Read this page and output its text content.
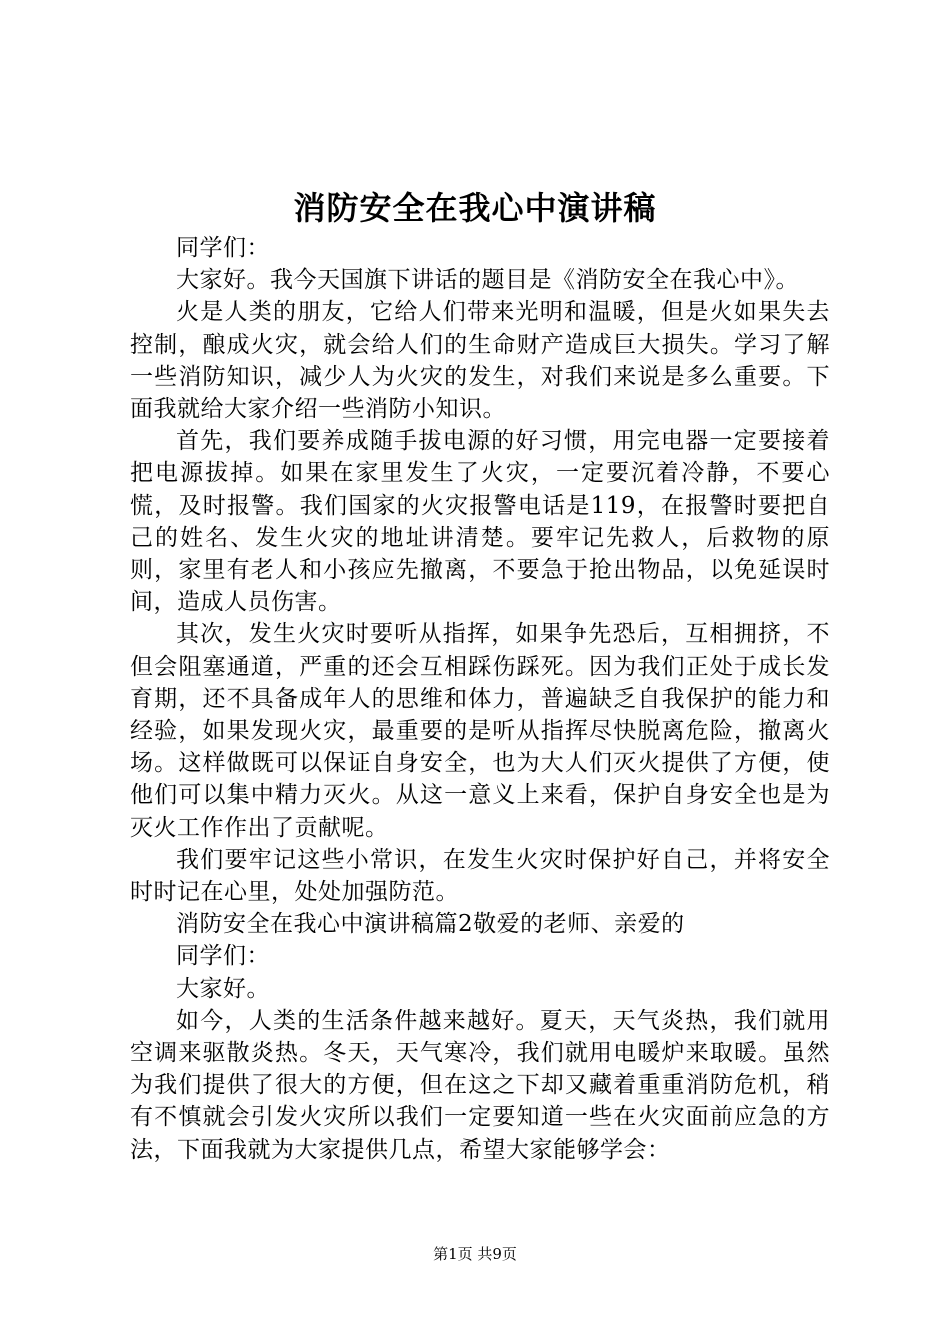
消防安全在我心中演讲稿

同学们：

大家好。我今天国旗下讲话的题目是《消防安全在我心中》。

火是人类的朋友，它给人们带来光明和温暖，但是火如果失去控制，酿成火灾，就会给人们的生命财产造成巨大损失。学习了解一些消防知识，减少人为火灾的发生，对我们来说是多么重要。下面我就给大家介绍一些消防小知识。

首先，我们要养成随手拔电源的好习惯，用完电器一定要接着把电源拔掉。如果在家里发生了火灾，一定要沉着冷静，不要心慌，及时报警。我们国家的火灾报警电话是119，在报警时要把自己的姓名、发生火灾的地址讲清楚。要牢记先救人，后救物的原则，家里有老人和小孩应先撤离，不要急于抢出物品，以免延误时间，造成人员伤害。

其次，发生火灾时要听从指挥，如果争先恐后，互相拥挤，不但会阻塞通道，严重的还会互相踩伤踩死。因为我们正处于成长发育期，还不具备成年人的思维和体力，普遍缺乏自我保护的能力和经验，如果发现火灾，最重要的是听从指挥尽快脱离危险，撤离火场。这样做既可以保证自身安全，也为大人们灭火提供了方便，使他们可以集中精力灭火。从这一意义上来看，保护自身安全也是为灭火工作作出了贡献呢。

我们要牢记这些小常识，在发生火灾时保护好自己，并将安全时时记在心里，处处加强防范。

消防安全在我心中演讲稿篇2敬爱的老师、亲爱的

同学们：

大家好。

如今，人类的生活条件越来越好。夏天，天气炎热，我们就用空调来驱散炎热。冬天，天气寒冷，我们就用电暖炉来取暖。虽然为我们提供了很大的方便，但在这之下却又藏着重重消防危机，稍有不慎就会引发火灾所以我们一定要知道一些在火灾面前应急的方法，下面我就为大家提供几点，希望大家能够学会：

第1页 共9页
